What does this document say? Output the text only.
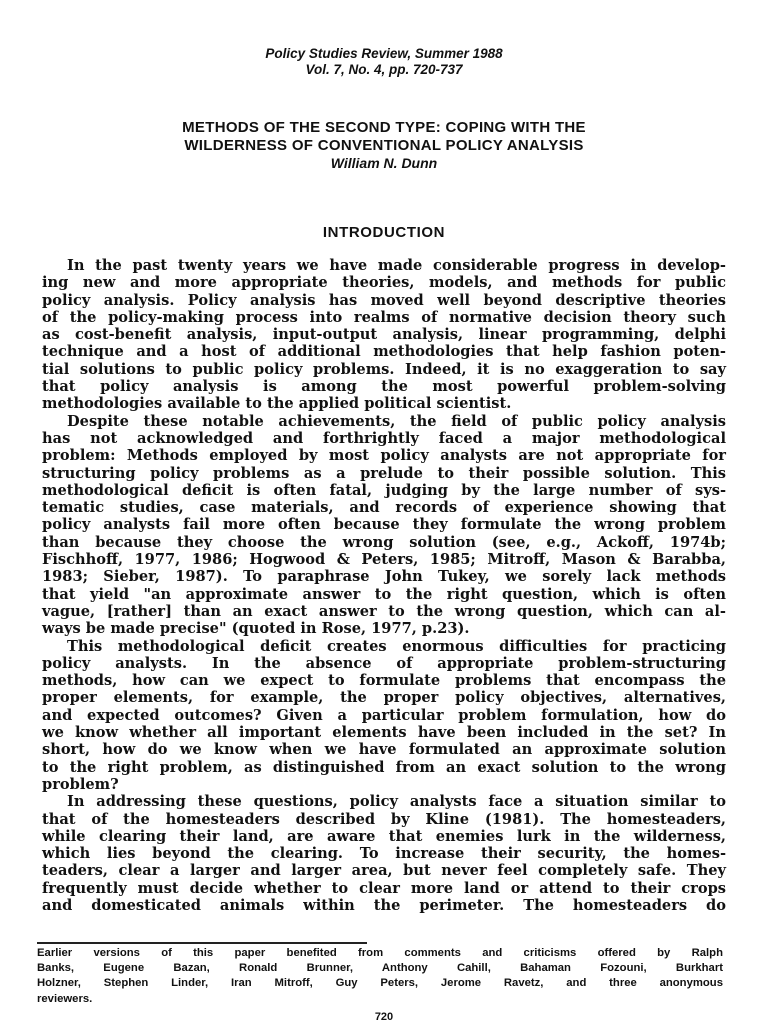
Policy Studies Review, Summer 1988
Vol. 7, No. 4, pp. 720-737
METHODS OF THE SECOND TYPE: COPING WITH THE
WILDERNESS OF CONVENTIONAL POLICY ANALYSIS
William N. Dunn
INTRODUCTION
In the past twenty years we have made considerable progress in develop-
ing new and more appropriate theories, models, and methods for public
policy analysis. Policy analysis has moved well beyond descriptive theories
of the policy-making process into realms of normative decision theory such
as cost-benefit analysis, input-output analysis, linear programming, delphi
technique and a host of additional methodologies that help fashion poten-
tial solutions to public policy problems. Indeed, it is no exaggeration to say
that policy analysis is among the most powerful problem-solving
methodologies available to the applied political scientist.
Despite these notable achievements, the field of public policy analysis
has not acknowledged and forthrightly faced a major methodological
problem: Methods employed by most policy analysts are not appropriate for
structuring policy problems as a prelude to their possible solution. This
methodological deficit is often fatal, judging by the large number of sys-
tematic studies, case materials, and records of experience showing that
policy analysts fail more often because they formulate the wrong problem
than because they choose the wrong solution (see, e.g., Ackoff, 1974b;
Fischhoff, 1977, 1986; Hogwood & Peters, 1985; Mitroff, Mason & Barabba,
1983; Sieber, 1987). To paraphrase John Tukey, we sorely lack methods
that yield "an approximate answer to the right question, which is often
vague, [rather] than an exact answer to the wrong question, which can al-
ways be made precise" (quoted in Rose, 1977, p.23).
This methodological deficit creates enormous difficulties for practicing
policy analysts. In the absence of appropriate problem-structuring
methods, how can we expect to formulate problems that encompass the
proper elements, for example, the proper policy objectives, alternatives,
and expected outcomes? Given a particular problem formulation, how do
we know whether all important elements have been included in the set? In
short, how do we know when we have formulated an approximate solution
to the right problem, as distinguished from an exact solution to the wrong
problem?
In addressing these questions, policy analysts face a situation similar to
that of the homesteaders described by Kline (1981). The homesteaders,
while clearing their land, are aware that enemies lurk in the wilderness,
which lies beyond the clearing. To increase their security, the homes-
teaders, clear a larger and larger area, but never feel completely safe. They
frequently must decide whether to clear more land or attend to their crops
and domesticated animals within the perimeter. The homesteaders do
Earlier versions of this paper benefited from comments and criticisms offered by Ralph
Banks, Eugene Bazan, Ronald Brunner, Anthony Cahill, Bahaman Fozouni, Burkhart
Holzner, Stephen Linder, Iran Mitroff, Guy Peters, Jerome Ravetz, and three anonymous
reviewers.
720
